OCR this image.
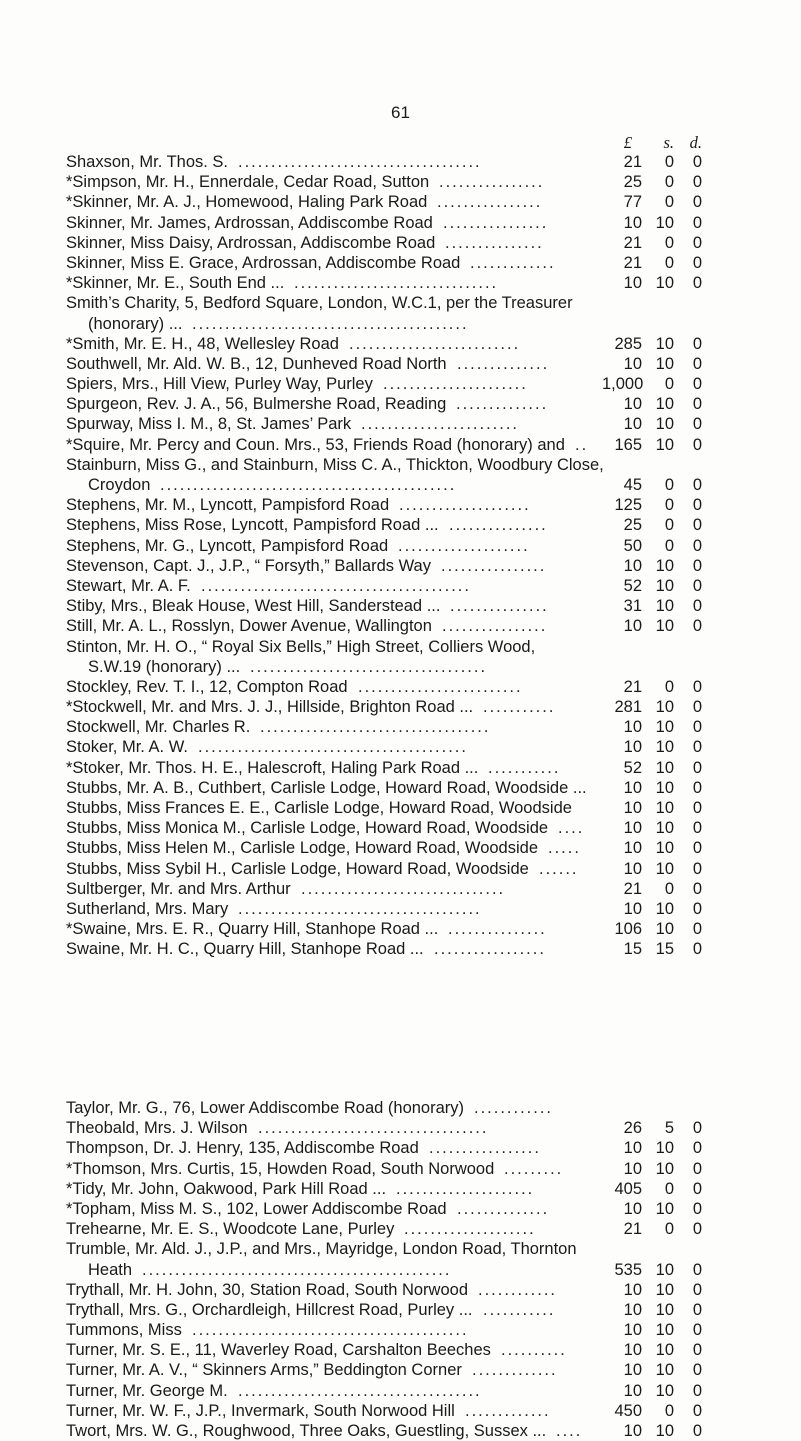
61
£	s. d.
Shaxson, Mr. Thos. S.	21	0	0
.....................................
*Simpson, Mr. H., Ennerdale, Cedar Road, Sutton	25	0	0
................
*Skinner, Mr. A. J., Homewood, Haling Park Road	77	0	0
................
Skinner, Mr. James, Ardrossan, Addiscombe Road	10 10	0
................
Skinner, Miss Daisy, Ardrossan, Addiscombe Road	21	0	0
...............
Skinner, Miss E. Grace, Ardrossan, Addiscombe Road	21	0	0
.............
*Skinner, Mr. E., South End ...	10 10	0
...............................
Smith’s Charity, 5, Bedford Square, London, W.C.1, per the Treasurer
(honorary) ... ..........................................
*Smith, Mr. E. H., 48, Wellesley Road	285 10	0
..........................
Southwell, Mr. Ald. W. B., 12, Dunheved Road North	10 10	0
..............
Spiers, Mrs., Hill View, Purley Way, Purley	1,000	0	0
......................
Spurgeon, Rev. J. A., 56, Bulmershe Road, Reading	10 10	0
..............
Spurway, Miss I. M., 8, St. James’ Park	10 10	0
........................
*Squire, Mr. Percy and Coun. Mrs., 53, Friends Road (honorary) and	165 10	0
..
Stainburn, Miss G., and Stainburn, Miss C. A., Thickton, Woodbury Close,
Croydon	45	0	0
.............................................
Stephens, Mr. M., Lyncott, Pampisford Road	125	0	0
....................
Stephens, Miss Rose, Lyncott, Pampisford Road ...	25	0	0
...............
Stephens, Mr. G., Lyncott, Pampisford Road	50	0	0
....................
Stevenson, Capt. J., J.P., “ Forsyth,” Ballards Way	10 10	0
................
Stewart, Mr. A. F.	52 10	0
.........................................
Stiby, Mrs., Bleak House, West Hill, Sanderstead ...	31 10	0
...............
Still, Mr. A. L., Rosslyn, Dower Avenue, Wallington	10 10	0
................
Stinton, Mr. H. O., “ Royal Six Bells,” High Street, Colliers Wood,
S.W.19 (honorary) ... ....................................
Stockley, Rev. T. I., 12, Compton Road	21	0	0
.........................
*Stockwell, Mr. and Mrs. J. J., Hillside, Brighton Road ...	281 10	0
...........
Stockwell, Mr. Charles R.	10 10	0
...................................
Stoker, Mr. A. W.	10 10	0
.........................................
*Stoker, Mr. Thos. H. E., Halescroft, Haling Park Road ...	52 10	0
...........
Stubbs, Mr. A. B., Cuthbert, Carlisle Lodge, Howard Road, Woodside ...	10 10	0
Stubbs, Miss Frances E. E., Carlisle Lodge, Howard Road, Woodside	10 10	0
Stubbs, Miss Monica M., Carlisle Lodge, Howard Road, Woodside	10 10	0
....
Stubbs, Miss Helen M., Carlisle Lodge, Howard Road, Woodside	10 10	0
.....
Stubbs, Miss Sybil H., Carlisle Lodge, Howard Road, Woodside	10 10	0
......
Sultberger, Mr. and Mrs. Arthur	21	0	0
...............................
Sutherland, Mrs. Mary	10 10	0
.....................................
*Swaine, Mrs. E. R., Quarry Hill, Stanhope Road ...	106 10	0
...............
Swaine, Mr. H. C., Quarry Hill, Stanhope Road ...	15 15	0
.................
Taylor, Mr. G., 76, Lower Addiscombe Road (honorary) ............
Theobald, Mrs. J. Wilson	26	5	0
...................................
Thompson, Dr. J. Henry, 135, Addiscombe Road	10 10	0
.................
*Thomson, Mrs. Curtis, 15, Howden Road, South Norwood	10 10	0
.........
*Tidy, Mr. John, Oakwood, Park Hill Road ...	405	0	0
.....................
*Topham, Miss M. S., 102, Lower Addiscombe Road	10 10	0
..............
Trehearne, Mr. E. S., Woodcote Lane, Purley	21	0	0
....................
Trumble, Mr. Ald. J., J.P., and Mrs., Mayridge, London Road, Thornton
Heath	535 10	0
...............................................
Trythall, Mr. H. John, 30, Station Road, South Norwood	10 10	0
............
Trythall, Mrs. G., Orchardleigh, Hillcrest Road, Purley ...	10 10	0
...........
Tummons, Miss	10 10	0
..........................................
Turner, Mr. S. E., 11, Waverley Road, Carshalton Beeches	10 10	0
..........
Turner, Mr. A. V., “ Skinners Arms,” Beddington Corner	10 10	0
.............
Turner, Mr. George M.	10 10	0
.....................................
Turner, Mr. W. F., J.P., Invermark, South Norwood Hill	450	0	0
.............
Twort, Mrs. W. G., Roughwood, Three Oaks, Guestling, Sussex ...	10 10	0
....
